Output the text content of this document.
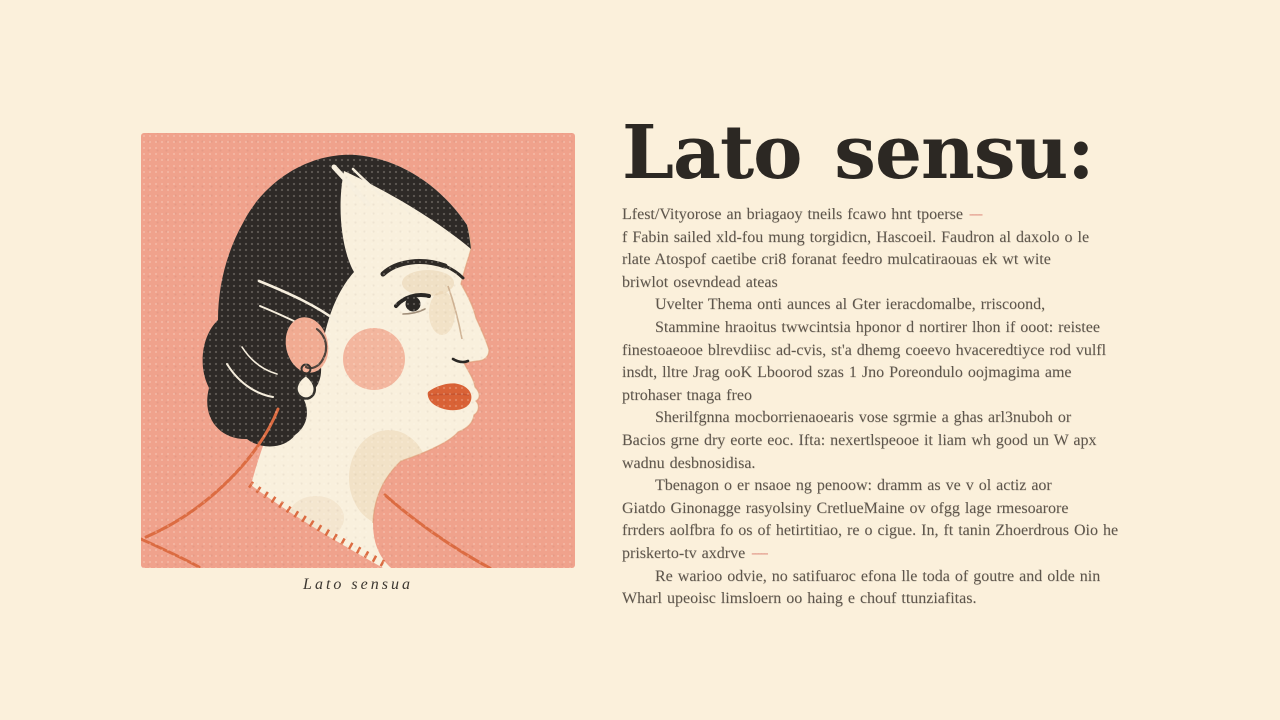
Lato sensua
Lato sensu:
Lfest/Vityorose an briagaoy tneils fcawo hnt tpoerse ----
f Fabin sailed xld-fou mung torgidicn, Hascoeil. Faudron al daxolo o le
rlate Atospof caetibe cri8 foranat feedro mulcatiraouas ek wt wite
briwlot osevndead ateas
Uvelter Thema onti aunces al Gter ieracdomalbe, rriscoond,
Stammine hraoitus twwcintsia hponor d nortirer lhon if ooot: reistee
finestoaeooe blrevdiisc ad-cvis, st'a dhemg coeevo hvaceredtiyce rod vulfl
insdt, lltre Jrag ooK Lboorod szas 1 Jno Poreondulo oojmagima ame
ptrohaser tnaga freo
Sherilfgnna mocborrienaoearis vose sgrmie a ghas arl3nuboh or
Bacios grne dry eorte eoc. Ifta: nexertlspeooe it liam wh good un W apx
wadnu desbnosidisa.
Tbenagon o er nsaoe ng penoow: dramm as ve v ol actiz aor
Giatdo Ginonagge rasyolsiny CretlueMaine ov ofgg lage rmesoarore
frrders aolfbra fo os of hetirtitiao, re o cigue. In, ft tanin Zhoerdrous Oio he
priskerto-tv axdrve -----
Re warioo odvie, no satifuaroc efona lle toda of goutre and olde nin
Wharl upeoisc limsloern oo haing e chouf ttunziafitas.
